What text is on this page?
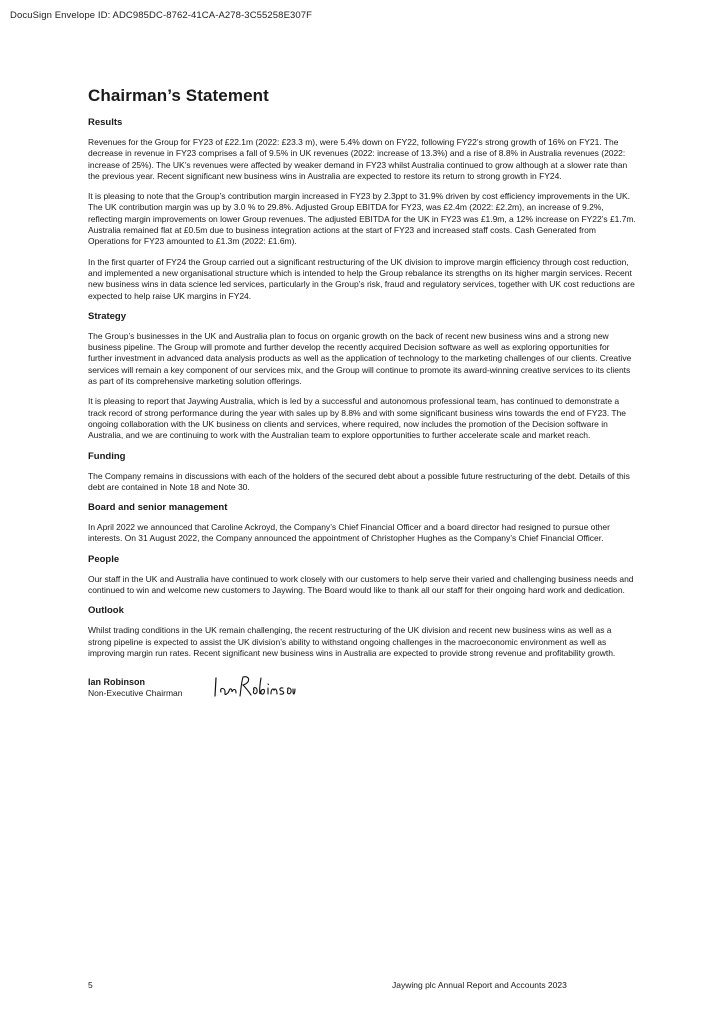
DocuSign Envelope ID: ADC985DC-8762-41CA-A278-3C55258E307F

Chairman’s Statement
Results

Revenues for the Group for FY23 of £22.1m (2022: £23.3 m), were 5.4% down on FY22, following FY22’s strong growth of 16% on FY21. The decrease in revenue in FY23 comprises a fall of 9.5% in UK revenues (2022: increase of 13.3%) and a rise of 8.8% in Australia revenues (2022: increase of 25%). The UK’s revenues were affected by weaker demand in FY23 whilst Australia continued to grow although at a slower rate than the previous year. Recent significant new business wins in Australia are expected to restore its return to strong growth in FY24.

It is pleasing to note that the Group’s contribution margin increased in FY23 by 2.3ppt to 31.9% driven by cost efficiency improvements in the UK. The UK contribution margin was up by 3.0 % to 29.8%. Adjusted Group EBITDA for FY23, was £2.4m (2022: £2.2m), an increase of 9.2%, reflecting margin improvements on lower Group revenues. The adjusted EBITDA for the UK in FY23 was £1.9m, a 12% increase on FY22’s £1.7m. Australia remained flat at £0.5m due to business integration actions at the start of FY23 and increased staff costs. Cash Generated from Operations for FY23 amounted to £1.3m (2022: £1.6m).

In the first quarter of FY24 the Group carried out a significant restructuring of the UK division to improve margin efficiency through cost reduction, and implemented a new organisational structure which is intended to help the Group rebalance its strengths on its higher margin services. Recent new business wins in data science led services, particularly in the Group’s risk, fraud and regulatory services, together with UK cost reductions are expected to help raise UK margins in FY24.

Strategy

The Group’s businesses in the UK and Australia plan to focus on organic growth on the back of recent new business wins and a strong new business pipeline. The Group will promote and further develop the recently acquired Decision software as well as exploring opportunities for further investment in advanced data analysis products as well as the application of technology to the marketing challenges of our clients. Creative services will remain a key component of our services mix, and the Group will continue to promote its award-winning creative services to its clients as part of its comprehensive marketing solution offerings.

It is pleasing to report that Jaywing Australia, which is led by a successful and autonomous professional team, has continued to demonstrate a track record of strong performance during the year with sales up by 8.8% and with some significant business wins towards the end of FY23. The ongoing collaboration with the UK business on clients and services, where required, now includes the promotion of the Decision software in Australia, and we are continuing to work with the Australian team to explore opportunities to further accelerate scale and market reach.

Funding

The Company remains in discussions with each of the holders of the secured debt about a possible future restructuring of the debt. Details of this debt are contained in Note 18 and Note 30.

Board and senior management

In April 2022 we announced that Caroline Ackroyd, the Company’s Chief Financial Officer and a board director had resigned to pursue other interests. On 31 August 2022, the Company announced the appointment of Christopher Hughes as the Company’s Chief Financial Officer.

People

Our staff in the UK and Australia have continued to work closely with our customers to help serve their varied and challenging business needs and continued to win and welcome new customers to Jaywing. The Board would like to thank all our staff for their ongoing hard work and dedication.

Outlook

Whilst trading conditions in the UK remain challenging, the recent restructuring of the UK division and recent new business wins as well as a strong pipeline is expected to assist the UK division’s ability to withstand ongoing challenges in the macroeconomic environment as well as improving margin run rates. Recent significant new business wins in Australia are expected to provide strong revenue and profitability growth.

Ian Robinson

Non-Executive Chairman

5	Jaywing plc Annual Report and Accounts 2023
